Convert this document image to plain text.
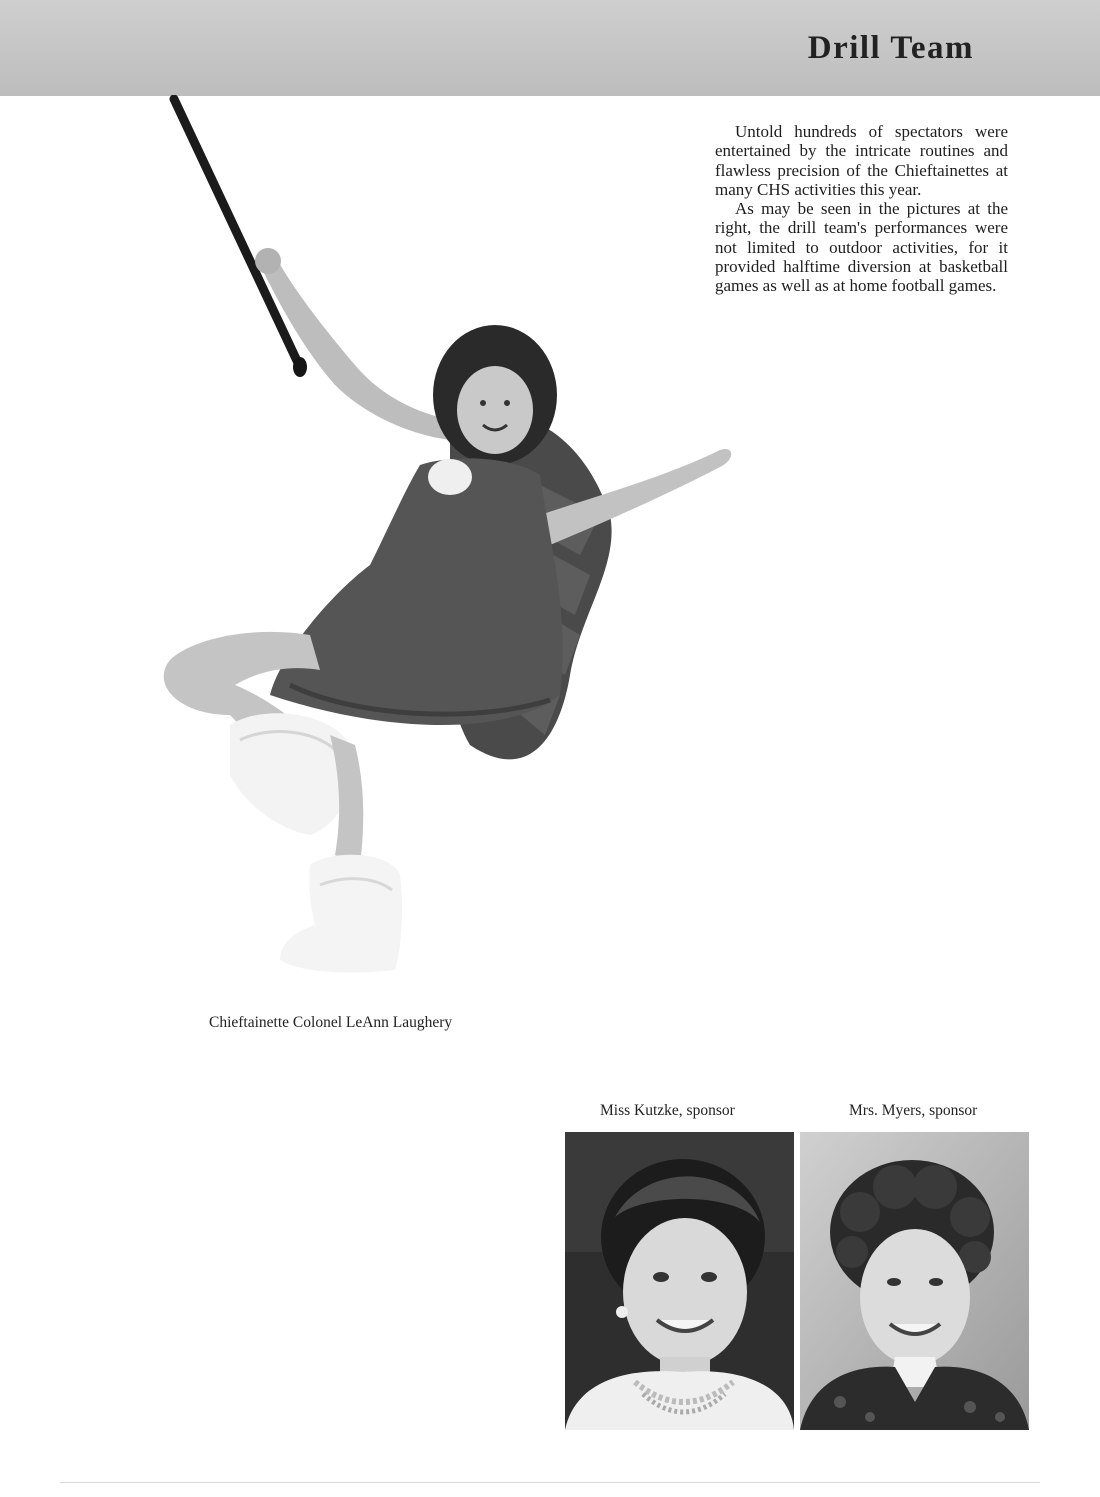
Drill Team

Untold hundreds of spectators were entertained by the intricate routines and flawless precision of the Chieftainettes at many CHS activities this year.

As may be seen in the pictures at the right, the drill team's performances were not limited to outdoor activities, for it provided halftime diversion at basketball games as well as at home football games.

Chieftainette Colonel LeAnn Laughery
Miss Kutzke, sponsor	Mrs. Myers, sponsor
